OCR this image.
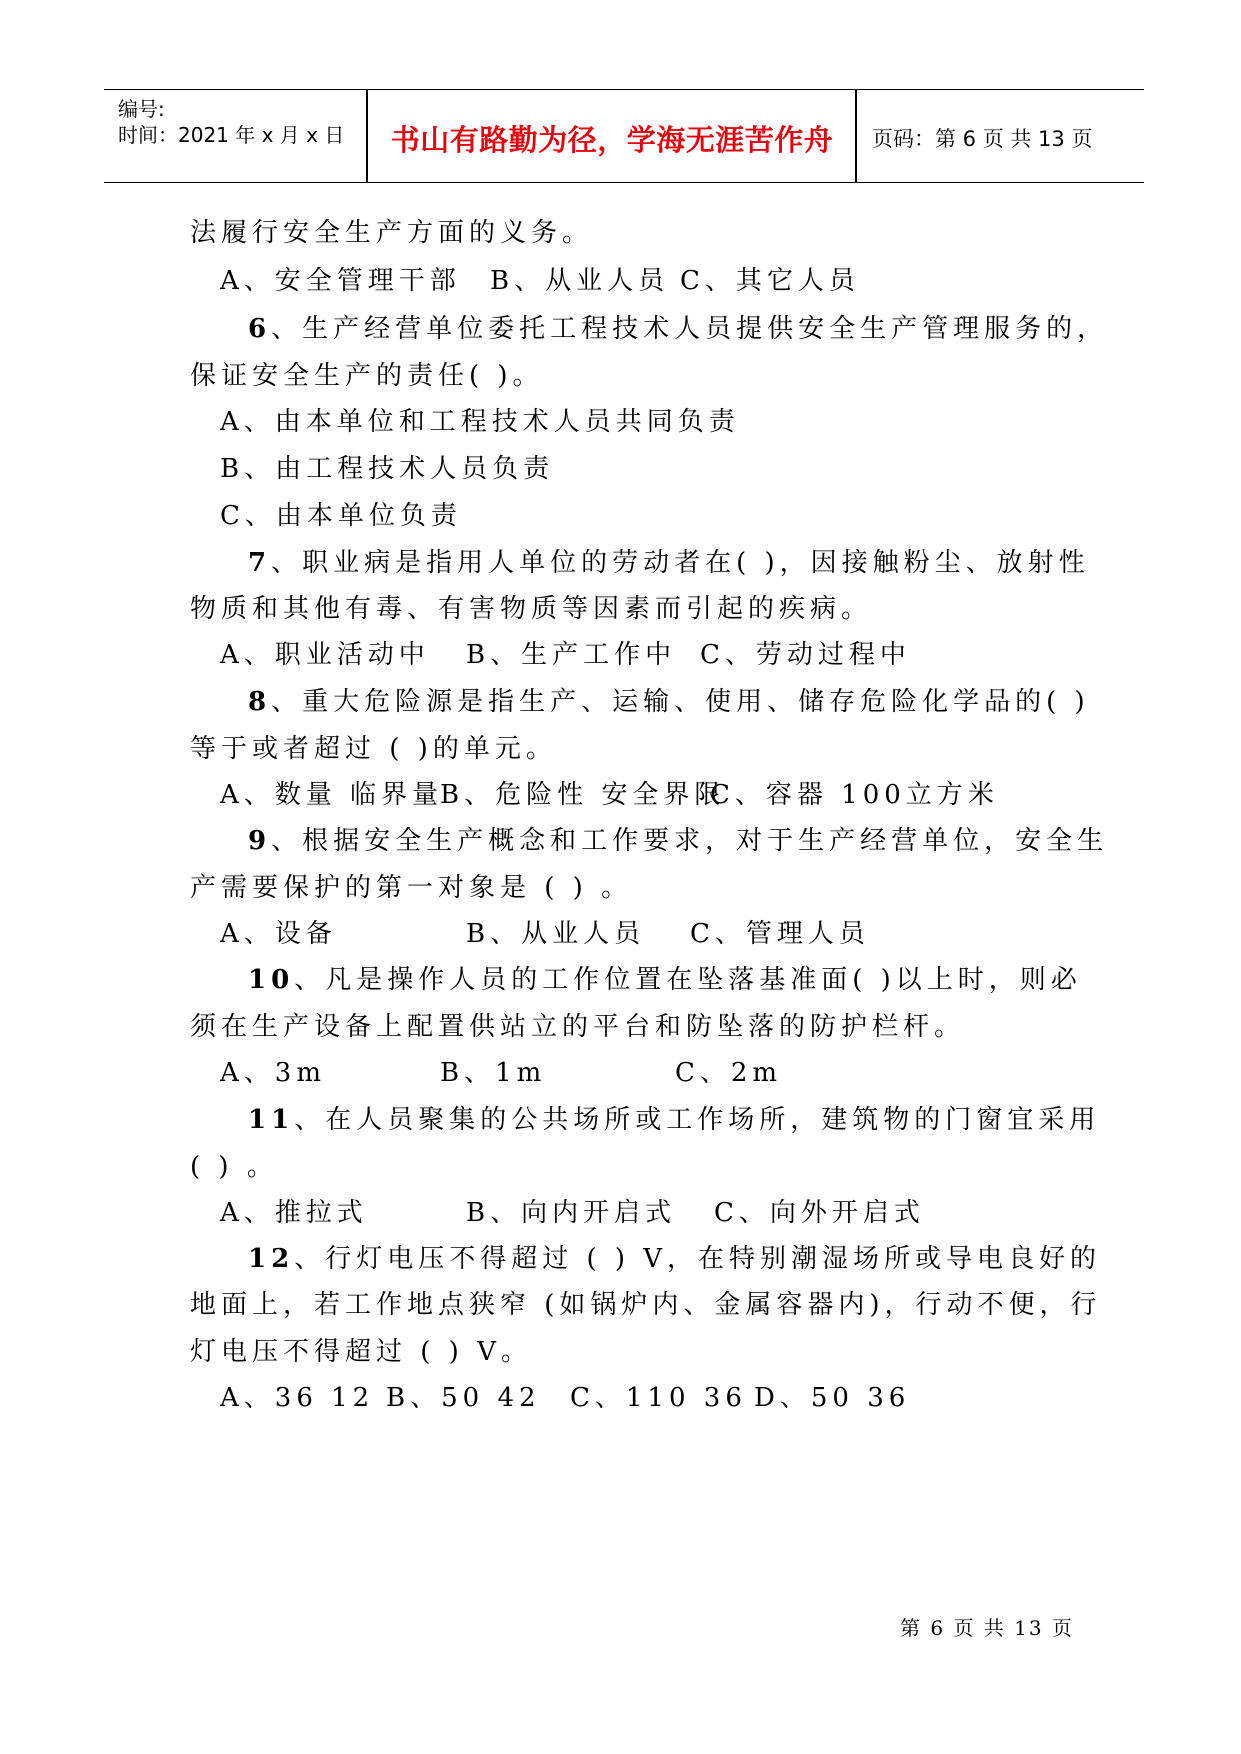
编号:
时间：2021 年 x 月 x 日	书山有路勤为径，学海无涯苦作舟	页码：第 6 页 共 13 页
法履行安全生产方面的义务。
A、安全管理干部 B、从业人员 C、其它人员
6、生产经营单位委托工程技术人员提供安全生产管理服务的，
保证安全生产的责任( )。
A、由本单位和工程技术人员共同负责
B、由工程技术人员负责
C、由本单位负责
7、职业病是指用人单位的劳动者在( )，因接触粉尘、放射性
物质和其他有毒、有害物质等因素而引起的疾病。
A、职业活动中 B、生产工作中 C、劳动过程中
8、重大危险源是指生产、运输、使用、储存危险化学品的( )
等于或者超过 ( )的单元。
A、数量 临界量
B、危险性 安全界限
C、容器 100立方米
9、根据安全生产概念和工作要求，对于生产经营单位，安全生
产需要保护的第一对象是 ( ) 。
A、设备	B、从业人员 C、管理人员
10、凡是操作人员的工作位置在坠落基准面( )以上时，则必
须在生产设备上配置供站立的平台和防坠落的防护栏杆。
A、3m	B、1m	C、2m
11、在人员聚集的公共场所或工作场所，建筑物的门窗宜采用
( ) 。
A、推拉式	B、向内开启式 C、向外开启式
12、行灯电压不得超过 ( ) V，在特别潮湿场所或导电良好的
地面上，若工作地点狭窄 (如锅炉内、金属容器内)，行动不便，行
灯电压不得超过 ( ) V。
A、36 12 B、50 42 C、110 36 D、50 36
第 6 页 共 13 页
